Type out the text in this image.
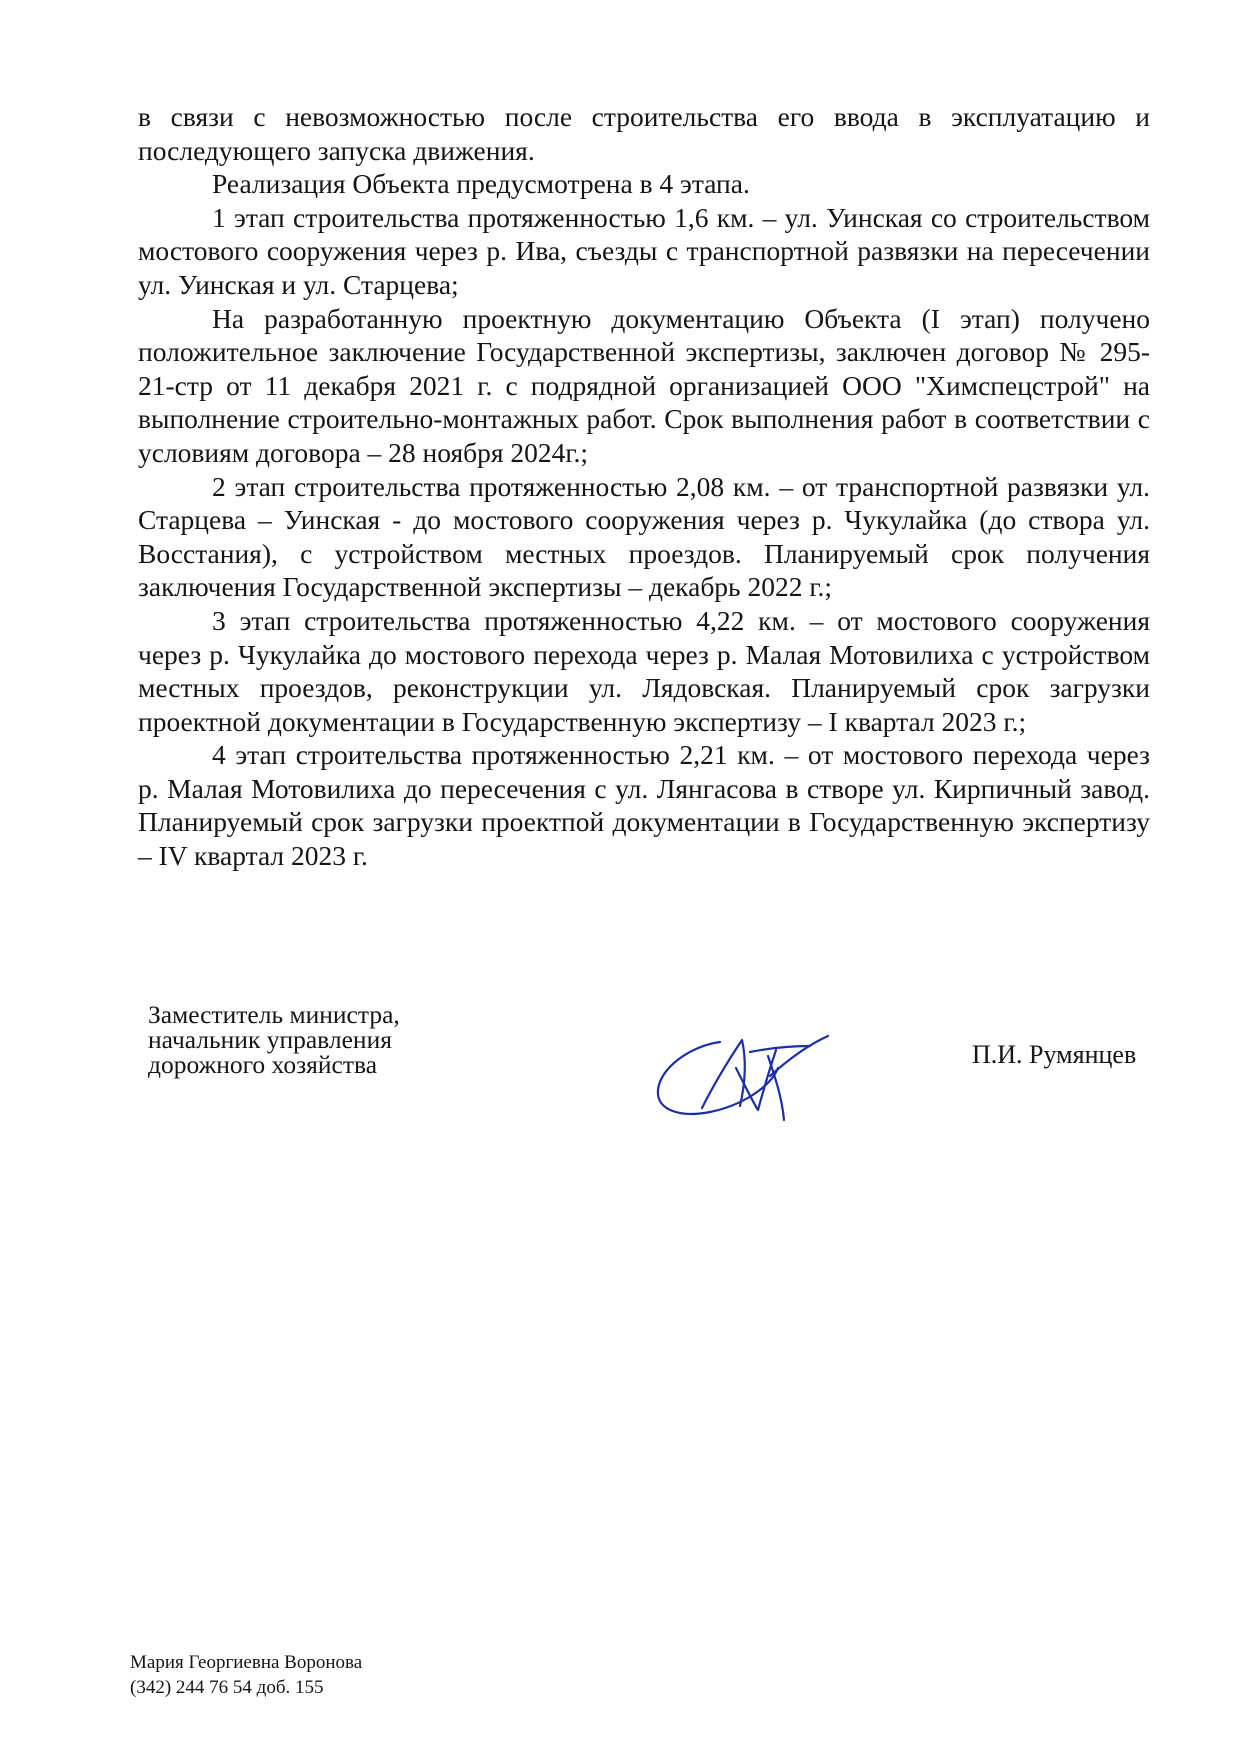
в связи с невозможностью после строительства его ввода в эксплуатацию и последующего запуска движения.

Реализация Объекта предусмотрена в 4 этапа.

1 этап строительства протяженностью 1,6 км. – ул. Уинская со строительством мостового сооружения через р. Ива, съезды с транспортной развязки на пересечении ул. Уинская и ул. Старцева;

На разработанную проектную документацию Объекта (I этап) получено положительное заключение Государственной экспертизы, заключен договор № 295-21-стр от 11 декабря 2021 г. с подрядной организацией ООО "Химспецстрой" на выполнение строительно-монтажных работ. Срок выполнения работ в соответствии с условиям договора – 28 ноября 2024г.;

2 этап строительства протяженностью 2,08 км. – от транспортной развязки ул. Старцева – Уинская - до мостового сооружения через р. Чукулайка (до створа ул. Восстания), с устройством местных проездов. Планируемый срок получения заключения Государственной экспертизы – декабрь 2022 г.;

3 этап строительства протяженностью 4,22 км. – от мостового сооружения через р. Чукулайка до мостового перехода через р. Малая Мотовилиха с устройством местных проездов, реконструкции ул. Лядовская. Планируемый срок загрузки проектной документации в Государственную экспертизу – I квартал 2023 г.;

4 этап строительства протяженностью 2,21 км. – от мостового перехода через р. Малая Мотовилиха до пересечения с ул. Лянгасова в створе ул. Кирпичный завод. Планируемый срок загрузки проектпой документации в Государственную экспертизу – IV квартал 2023 г.

Заместитель министра,
начальник управления
дорожного хозяйства	П.И. Румянцев
Мария Георгиевна Воронова
(342) 244 76 54 доб. 155
